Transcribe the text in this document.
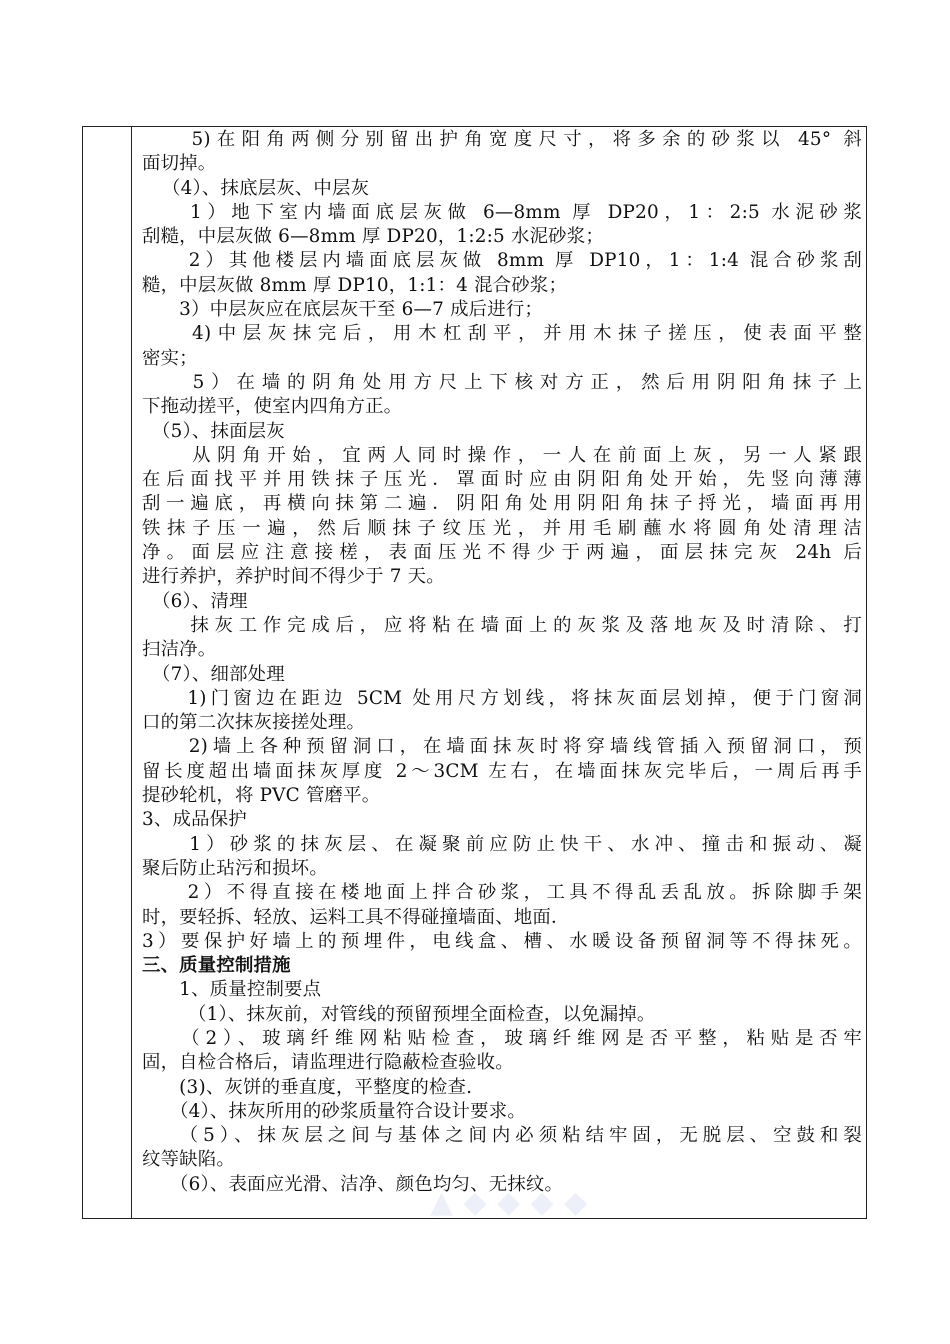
　　5)在阳角两侧分别留出护角宽度尺寸，将多余的砂浆以 45° 斜
面切掉。
（4）、抹底层灰、中层灰
　　1）地下室内墙面底层灰做 6—8mm 厚 DP20，1：2:5 水泥砂浆
刮糙，中层灰做 6—8mm 厚 DP20，1:2:5 水泥砂浆；
　　2）其他楼层内墙面底层灰做 8mm 厚 DP10，1：1:4 混合砂浆刮
糙，中层灰做 8mm 厚 DP10，1:1：4 混合砂浆；
　　3）中层灰应在底层灰干至 6—7 成后进行；
　　4)中层灰抹完后，用木杠刮平，并用木抹子搓压，使表面平整
密实；
　　5）在墙的阴角处用方尺上下核对方正，然后用阴阳角抹子上
下拖动搓平，使室内四角方正。
（5）、抹面层灰
　　从阴角开始，宜两人同时操作，一人在前面上灰，另一人紧跟
在后面找平并用铁抹子压光．罩面时应由阴阳角处开始，先竖向薄薄
刮一遍底，再横向抹第二遍．阴阳角处用阴阳角抹子捋光，墙面再用
铁抹子压一遍，然后顺抹子纹压光，并用毛刷蘸水将圆角处清理洁
净。面层应注意接槎，表面压光不得少于两遍，面层抹完灰 24h 后
进行养护，养护时间不得少于 7 天。
（6）、清理
　　抹灰工作完成后，应将粘在墙面上的灰浆及落地灰及时清除、打
扫洁净。
（7）、细部处理
　　1)门窗边在距边 5CM 处用尺方划线，将抹灰面层划掉，便于门窗洞
口的第二次抹灰接搓处理。
　　2)墙上各种预留洞口，在墙面抹灰时将穿墙线管插入预留洞口，预
留长度超出墙面抹灰厚度 2～3CM 左右，在墙面抹灰完毕后，一周后再手
提砂轮机，将 PVC 管磨平。
3、成品保护
　　1）砂浆的抹灰层、在凝聚前应防止快干、水冲、撞击和振动、凝
聚后防止玷污和损坏。
　　2）不得直接在楼地面上拌合砂浆，工具不得乱丢乱放。拆除脚手架
时，要轻拆、轻放、运料工具不得碰撞墙面、地面．
3）要保护好墙上的预埋件，电线盒、槽、水暖设备预留洞等不得抹死。
三、质量控制措施
　　1、质量控制要点
（1）、抹灰前，对管线的预留预埋全面检查，以免漏掉。
　　（2）、玻璃纤维网粘贴检查，玻璃纤维网是否平整，粘贴是否牢
固，自检合格后，请监理进行隐蔽检查验收。
　　(3)、灰饼的垂直度，平整度的检查.
　　（4）、抹灰所用的砂浆质量符合设计要求。
　　（5）、抹灰层之间与基体之间内必须粘结牢固，无脱层、空鼓和裂
纹等缺陷。
　　（6）、表面应光滑、洁净、颜色均匀、无抹纹。
▲ ◆ ◆ ◆ ◆
